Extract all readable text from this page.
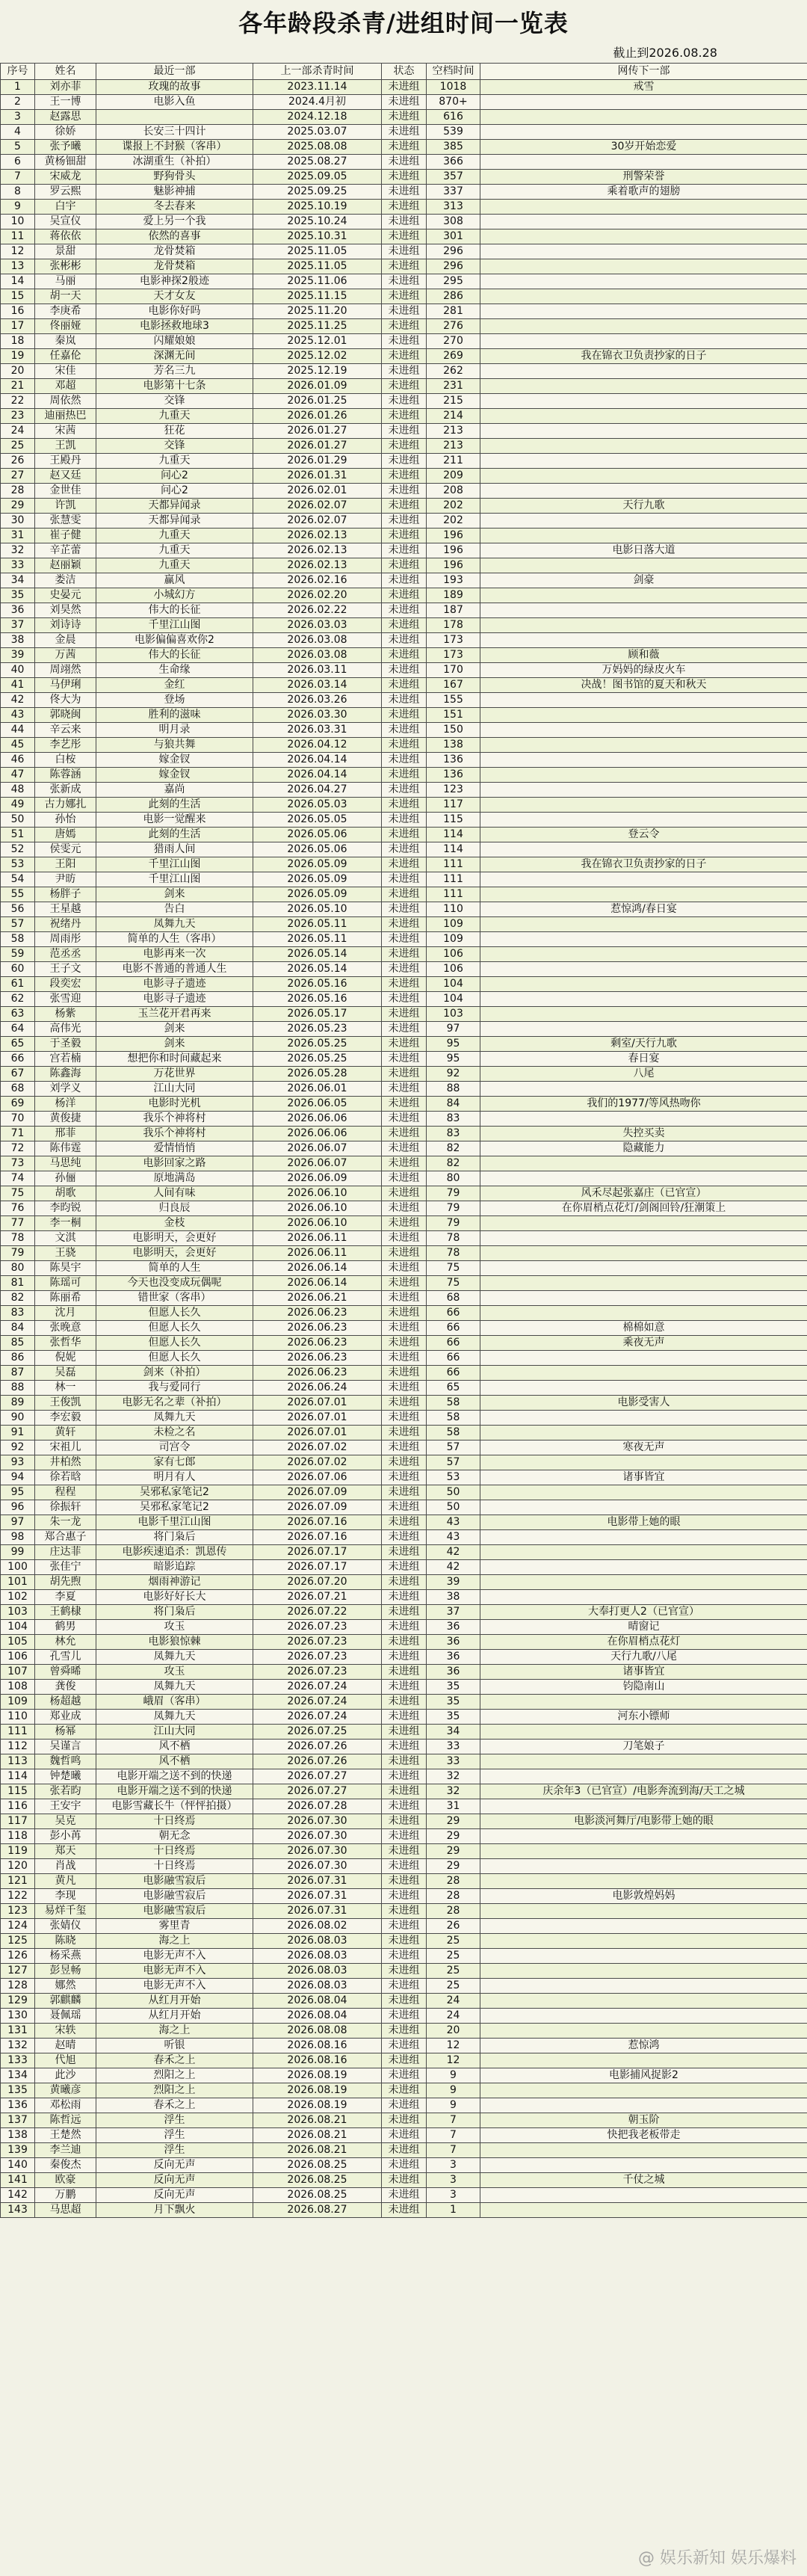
各年龄段杀青/进组时间一览表
截止到2026.08.28
序号	姓名	最近一部	上一部杀青时间	状态	空档时间	网传下一部
1	刘亦菲	玫瑰的故事	2023.11.14	未进组	1018	戒雪
2	王一博	电影入鱼	2024.4月初	未进组	870+	
3	赵露思		2024.12.18	未进组	616	
4	徐娇	长安三十四计	2025.03.07	未进组	539	
5	张予曦	谍报上不封猴（客串）	2025.08.08	未进组	385	30岁开始恋爱
6	黄杨钿甜	冰湖重生（补拍）	2025.08.27	未进组	366	
7	宋威龙	野狗骨头	2025.09.05	未进组	357	刑警荣誉
8	罗云熙	魅影神捕	2025.09.25	未进组	337	乘着歌声的翅膀
9	白宇	冬去春来	2025.10.19	未进组	313	
10	吴宣仪	爱上另一个我	2025.10.24	未进组	308	
11	蒋依依	依然的喜事	2025.10.31	未进组	301	
12	景甜	龙骨焚箱	2025.11.05	未进组	296	
13	张彬彬	龙骨焚箱	2025.11.05	未进组	296	
14	马丽	电影神探2般迹	2025.11.06	未进组	295	
15	胡一天	天才女友	2025.11.15	未进组	286	
16	李庚希	电影你好吗	2025.11.20	未进组	281	
17	佟丽娅	电影拯救地球3	2025.11.25	未进组	276	
18	秦岚	闪耀娘娘	2025.12.01	未进组	270	
19	任嘉伦	深渊无间	2025.12.02	未进组	269	我在锦衣卫负责抄家的日子
20	宋佳	芳名三九	2025.12.19	未进组	262	
21	邓超	电影第十七条	2026.01.09	未进组	231	
22	周依然	交锋	2026.01.25	未进组	215	
23	迪丽热巴	九重天	2026.01.26	未进组	214	
24	宋茜	狂花	2026.01.27	未进组	213	
25	王凯	交锋	2026.01.27	未进组	213	
26	王殿丹	九重天	2026.01.29	未进组	211	
27	赵又廷	问心2	2026.01.31	未进组	209	
28	金世佳	问心2	2026.02.01	未进组	208	
29	许凯	天都异闻录	2026.02.07	未进组	202	天行九歌
30	张慧雯	天都异闻录	2026.02.07	未进组	202	
31	崔子健	九重天	2026.02.13	未进组	196	
32	辛芷蕾	九重天	2026.02.13	未进组	196	电影日落大道
33	赵丽颖	九重天	2026.02.13	未进组	196	
34	娄洁	赢风	2026.02.16	未进组	193	剑豪
35	史晏元	小城幻方	2026.02.20	未进组	189	
36	刘昊然	伟大的长征	2026.02.22	未进组	187	
37	刘诗诗	千里江山图	2026.03.03	未进组	178	
38	金晨	电影偏偏喜欢你2	2026.03.08	未进组	173	
39	万茜	伟大的长征	2026.03.08	未进组	173	顾和薇
40	周翊然	生命缘	2026.03.11	未进组	170	万妈妈的绿皮火车
41	马伊琍	金红	2026.03.14	未进组	167	决战！图书馆的夏天和秋天
42	佟大为	登场	2026.03.26	未进组	155	
43	郭晓闽	胜利的滋味	2026.03.30	未进组	151	
44	辛云来	明月录	2026.03.31	未进组	150	
45	李艺彤	与狼共舞	2026.04.12	未进组	138	
46	白桉	嫁金钗	2026.04.14	未进组	136	
47	陈蓉涵	嫁金钗	2026.04.14	未进组	136	
48	张新成	嘉尚	2026.04.27	未进组	123	
49	古力娜扎	此刻的生活	2026.05.03	未进组	117	
50	孙怡	电影一觉醒来	2026.05.05	未进组	115	
51	唐嫣	此刻的生活	2026.05.06	未进组	114	登云令
52	侯雯元	猎雨人间	2026.05.06	未进组	114	
53	王阳	千里江山图	2026.05.09	未进组	111	我在锦衣卫负责抄家的日子
54	尹昉	千里江山图	2026.05.09	未进组	111	
55	杨胖子	剑来	2026.05.09	未进组	111	
56	王星越	告白	2026.05.10	未进组	110	惹惊鸿/春日宴
57	祝绪丹	凤舞九天	2026.05.11	未进组	109	
58	周雨彤	简单的人生（客串）	2026.05.11	未进组	109	
59	范丞丞	电影再来一次	2026.05.14	未进组	106	
60	王子文	电影不普通的普通人生	2026.05.14	未进组	106	
61	段奕宏	电影寻子遗迹	2026.05.16	未进组	104	
62	张雪迎	电影寻子遗迹	2026.05.16	未进组	104	
63	杨紫	玉兰花开君再来	2026.05.17	未进组	103	
64	高伟光	剑来	2026.05.23	未进组	97	
65	于圣毅	剑来	2026.05.25	未进组	95	剩室/天行九歌
66	宫若楠	想把你和时间藏起来	2026.05.25	未进组	95	春日宴
67	陈鑫海	万花世界	2026.05.28	未进组	92	八尾
68	刘学义	江山大同	2026.06.01	未进组	88	
69	杨洋	电影时光机	2026.06.05	未进组	84	我们的1977/等风热吻你
70	黄俊捷	我乐个神将村	2026.06.06	未进组	83	
71	邢菲	我乐个神将村	2026.06.06	未进组	83	失控买卖
72	陈伟霆	爱情悄悄	2026.06.07	未进组	82	隐藏能力
73	马思纯	电影回家之路	2026.06.07	未进组	82	
74	孙俪	原地满岛	2026.06.09	未进组	80	
75	胡歌	人间有味	2026.06.10	未进组	79	风禾尽起张嘉庄（已官宣）
76	李昀锐	归良辰	2026.06.10	未进组	79	在你眉梢点花灯/剑阁回铃/狂潮策上
77	李一桐	金枝	2026.06.10	未进组	79	
78	文淇	电影明天，会更好	2026.06.11	未进组	78	
79	王骁	电影明天，会更好	2026.06.11	未进组	78	
80	陈昊宇	简单的人生	2026.06.14	未进组	75	
81	陈瑶可	今天也没变成玩偶呢	2026.06.14	未进组	75	
82	陈丽希	错世家（客串）	2026.06.21	未进组	68	
83	沈月	但愿人长久	2026.06.23	未进组	66	
84	张晚意	但愿人长久	2026.06.23	未进组	66	棉棉如意
85	张哲华	但愿人长久	2026.06.23	未进组	66	乘夜无声
86	倪妮	但愿人长久	2026.06.23	未进组	66	
87	吴磊	剑来（补拍）	2026.06.23	未进组	66	
88	林一	我与爱同行	2026.06.24	未进组	65	
89	王俊凯	电影无名之辈（补拍）	2026.07.01	未进组	58	电影受害人
90	李宏毅	凤舞九天	2026.07.01	未进组	58	
91	黄轩	未检之名	2026.07.01	未进组	58	
92	宋祖儿	司宫令	2026.07.02	未进组	57	寒夜无声
93	井柏然	家有七郎	2026.07.02	未进组	57	
94	徐若晗	明月有人	2026.07.06	未进组	53	诸事皆宜
95	程程	吴邪私家笔记2	2026.07.09	未进组	50	
96	徐振轩	吴邪私家笔记2	2026.07.09	未进组	50	
97	朱一龙	电影千里江山图	2026.07.16	未进组	43	电影带上她的眼
98	郑合惠子	将门枭后	2026.07.16	未进组	43	
99	庄达菲	电影疾速追杀：凯恩传	2026.07.17	未进组	42	
100	张佳宁	暗影追踪	2026.07.17	未进组	42	
101	胡先煦	烟雨神游记	2026.07.20	未进组	39	
102	李夏	电影好好长大	2026.07.21	未进组	38	
103	王鹤棣	将门枭后	2026.07.22	未进组	37	大奉打更人2（已官宣）
104	鹤男	攻玉	2026.07.23	未进组	36	晴窗记
105	林允	电影狼惊棘	2026.07.23	未进组	36	在你眉梢点花灯
106	孔雪儿	凤舞九天	2026.07.23	未进组	36	天行九歌/八尾
107	曾舜晞	攻玉	2026.07.23	未进组	36	诸事皆宜
108	龚俊	凤舞九天	2026.07.24	未进组	35	钧隐南山
109	杨超越	峨眉（客串）	2026.07.24	未进组	35	
110	郑业成	凤舞九天	2026.07.24	未进组	35	河东小镖师
111	杨幂	江山大同	2026.07.25	未进组	34	
112	吴谨言	风不栖	2026.07.26	未进组	33	刀笔娘子
113	魏哲鸣	风不栖	2026.07.26	未进组	33	
114	钟楚曦	电影开端之送不到的快递	2026.07.27	未进组	32	
115	张若昀	电影开端之送不到的快递	2026.07.27	未进组	32	庆余年3（已官宣）/电影奔流到海/天工之城
116	王安宇	电影雪藏长牛（怦怦拍摄）	2026.07.28	未进组	31	
117	吴克	十日终焉	2026.07.30	未进组	29	电影淡河舞厅/电影带上她的眼
118	彭小苒	朝无念	2026.07.30	未进组	29	
119	郑天	十日终焉	2026.07.30	未进组	29	
120	肖战	十日终焉	2026.07.30	未进组	29	
121	黄凡	电影融雪寂后	2026.07.31	未进组	28	
122	李现	电影融雪寂后	2026.07.31	未进组	28	电影敦煌妈妈
123	易烊千玺	电影融雪寂后	2026.07.31	未进组	28	
124	张婧仪	雾里青	2026.08.02	未进组	26	
125	陈晓	海之上	2026.08.03	未进组	25	
126	杨采燕	电影无声不入	2026.08.03	未进组	25	
127	彭昱畅	电影无声不入	2026.08.03	未进组	25	
128	娜然	电影无声不入	2026.08.03	未进组	25	
129	郭麒麟	从红月开始	2026.08.04	未进组	24	
130	聂佩瑶	从红月开始	2026.08.04	未进组	24	
131	宋轶	海之上	2026.08.08	未进组	20	
132	赵晴	听银	2026.08.16	未进组	12	惹惊鸿
133	代旭	春禾之上	2026.08.16	未进组	12	
134	此沙	烈阳之上	2026.08.19	未进组	9	电影捕风捉影2
135	黄曦彦	烈阳之上	2026.08.19	未进组	9	
136	邓松雨	春禾之上	2026.08.19	未进组	9	
137	陈哲远	浮生	2026.08.21	未进组	7	朝玉阶
138	王楚然	浮生	2026.08.21	未进组	7	快把我老板带走
139	李兰迪	浮生	2026.08.21	未进组	7	
140	秦俊杰	反向无声	2026.08.25	未进组	3	
141	欧豪	反向无声	2026.08.25	未进组	3	千仗之城
142	万鹏	反向无声	2026.08.25	未进组	3	
143	马思超	月下飘火	2026.08.27	未进组	1	
@ 娱乐新知 娱乐爆料
